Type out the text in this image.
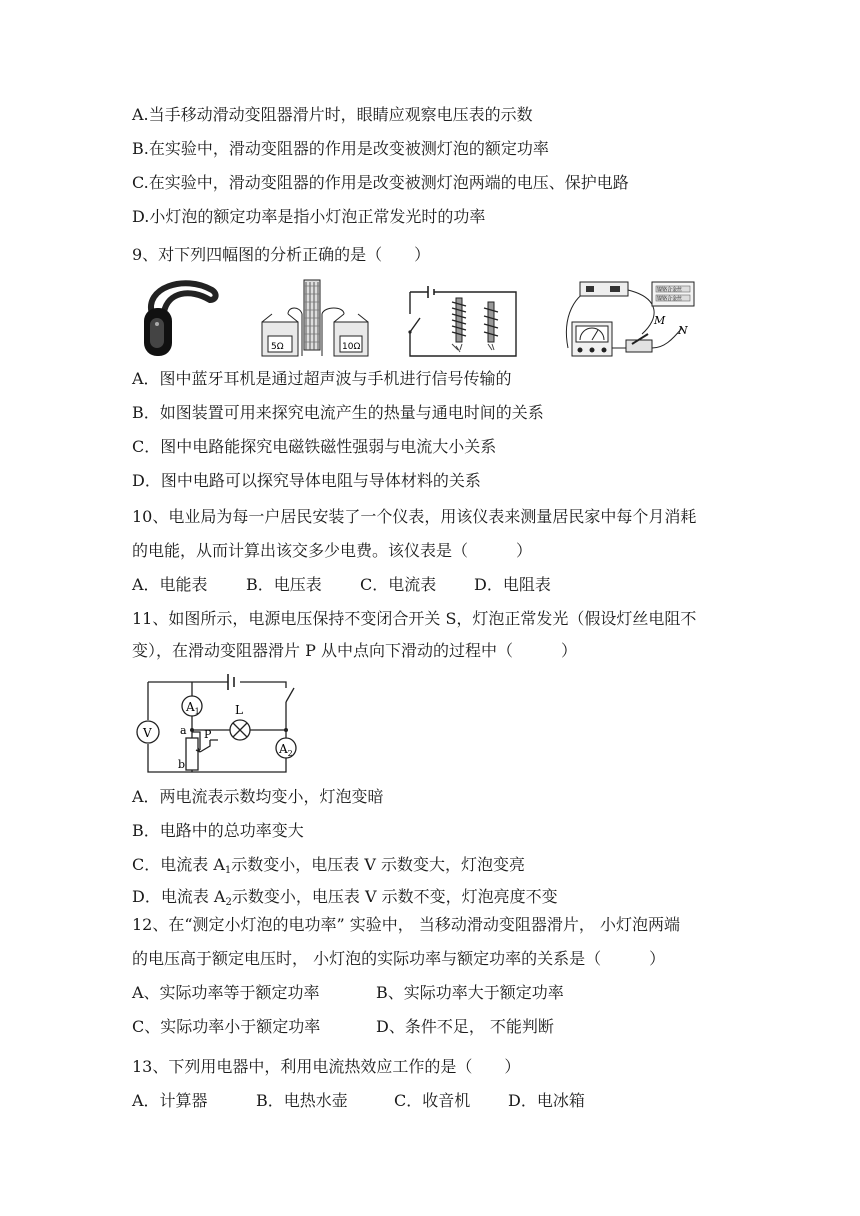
A.当手移动滑动变阻器滑片时，眼睛应观察电压表的示数
B.在实验中，滑动变阻器的作用是改变被测灯泡的额定功率
C.在实验中，滑动变阻器的作用是改变被测灯泡两端的电压、保护电路
D.小灯泡的额定功率是指小灯泡正常发光时的功率
9、对下列四幅图的分析正确的是（　　）
5Ω	10Ω
镍铬合金丝
镍铬合金丝
M
N
A．图中蓝牙耳机是通过超声波与手机进行信号传输的
B．如图装置可用来探究电流产生的热量与通电时间的关系
C．图中电路能探究电磁铁磁性强弱与电流大小关系
D．图中电路可以探究导体电阻与导体材料的关系
10、电业局为每一户居民安装了一个仪表，用该仪表来测量居民家中每个月消耗
的电能，从而计算出该交多少电费。该仪表是（　　　）
A．电能表 B．电压表 C．电流表 D．电阻表
11、如图所示，电源电压保持不变闭合开关 S，灯泡正常发光（假设灯丝电阻不
变），在滑动变阻器滑片 P 从中点向下滑动的过程中（　　　）
$A_1$
$A_2$
V
L
P
a
b
A．两电流表示数均变小，灯泡变暗
B．电路中的总功率变大
C．电流表 $A_1$示数变小，电压表 V 示数变大，灯泡变亮
D．电流表 $A_2$示数变小，电压表 V 示数不变，灯泡亮度不变
12、在“测定小灯泡的电功率” 实验中， 当移动滑动变阻器滑片， 小灯泡两端
的电压高于额定电压时， 小灯泡的实际功率与额定功率的关系是（　　　）
A、实际功率等于额定功率	B、实际功率大于额定功率
C、实际功率小于额定功率	D、条件不足， 不能判断
13、下列用电器中，利用电流热效应工作的是（　　）
A．计算器	B．电热水壶	C．收音机 D．电冰箱
